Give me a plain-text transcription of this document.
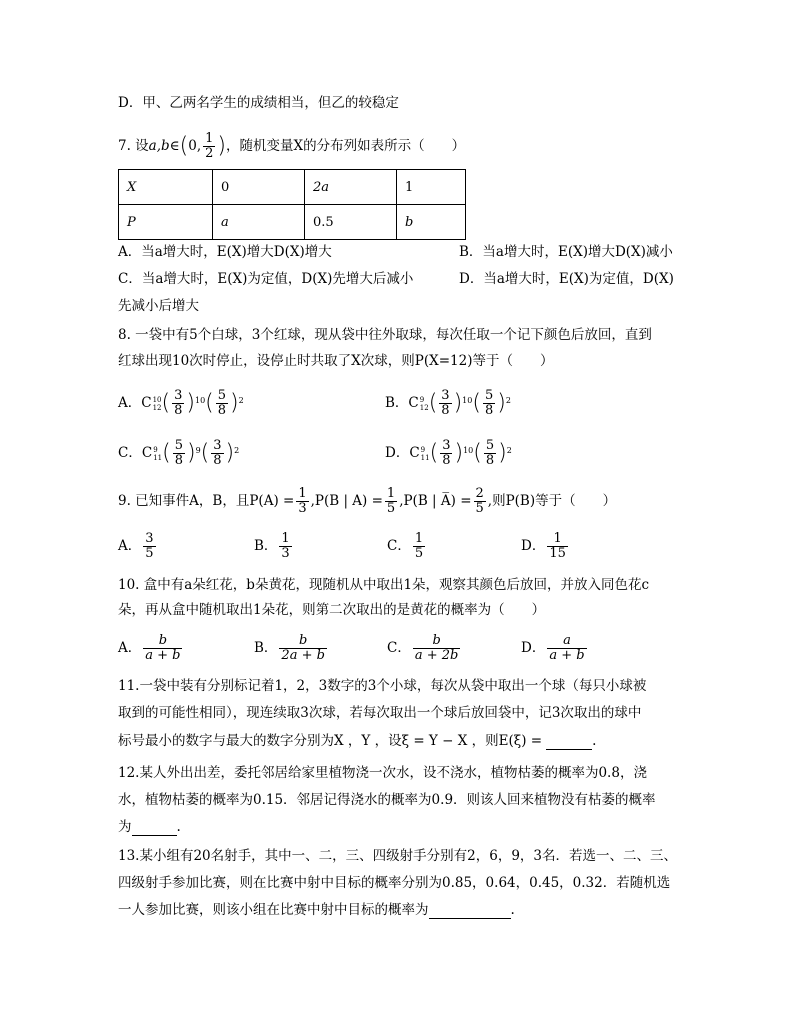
D．甲、乙两名学生的成绩相当，但乙的较稳定
7. 设a,b∈(0, $\frac{1}{2}$ )，随机变量X的分布列如表所示（　　）
X	0	2a	1
P	a	0.5	b
A．当a增大时，E(X)增大D(X)增大	B．当a增大时，E(X)增大D(X)减小
C．当a增大时，E(X)为定值，D(X)先增大后减小	D．当a增大时，E(X)为定值，D(X)
先减小后增大
8. 一袋中有5个白球，3个红球，现从袋中往外取球，每次任取一个记下颜色后放回，直到
红球出现10次时停止，设停止时共取了X次球，则P(X=12)等于（　　）
A．C 10
12 ( $\frac{3}{8} )^{10}( \frac{5}{8} )^2$	B．C 9
12 ( $\frac{3}{8} )^{10}( \frac{5}{8} )^2$
C．C 9
11 ( $\frac{5}{8} )^9( \frac{3}{8} )^2$	D．C 9
11 ( $\frac{3}{8} )^{10}( \frac{5}{8} )^2$
9. 已知事件A，B，且$P(A) = \frac{1}{3} ,P(B$ | $A) = \frac{1}{5} ,P(B$ | A̅) = $\frac{2}{5}$ ,则P(B)等于（　　）
A． $\frac{3}{5}$	B． $\frac{1}{3}$	C． $\frac{1}{5}$	D． $\frac{1}{15}$
10. 盒中有a朵红花，b朵黄花，现随机从中取出1朵，观察其颜色后放回，并放入同色花c
朵，再从盒中随机取出1朵花，则第二次取出的是黄花的概率为（　　）
A． $\frac{b}{a + b}$	B． $\frac{b}{2a + b}$	C． $\frac{b}{a + 2b}$	D． $\frac{a}{a + b}$
11.一袋中装有分别标记着1，2，3数字的3个小球，每次从袋中取出一个球（每只小球被
取到的可能性相同），现连续取3次球，若每次取出一个球后放回袋中，记3次取出的球中
标号最小的数字与最大的数字分别为X ，Y ，设ξ = Y − X ，则E(ξ) =	.
12.某人外出出差，委托邻居给家里植物浇一次水，设不浇水，植物枯萎的概率为0.8，浇
水，植物枯萎的概率为0.15．邻居记得浇水的概率为0.9．则该人回来植物没有枯萎的概率
为	.
13.某小组有20名射手，其中一、二，三、四级射手分别有2，6，9，3名．若选一、二、三、
四级射手参加比赛，则在比赛中射中目标的概率分别为0.85，0.64，0.45，0.32．若随机选
一人参加比赛，则该小组在比赛中射中目标的概率为	.
